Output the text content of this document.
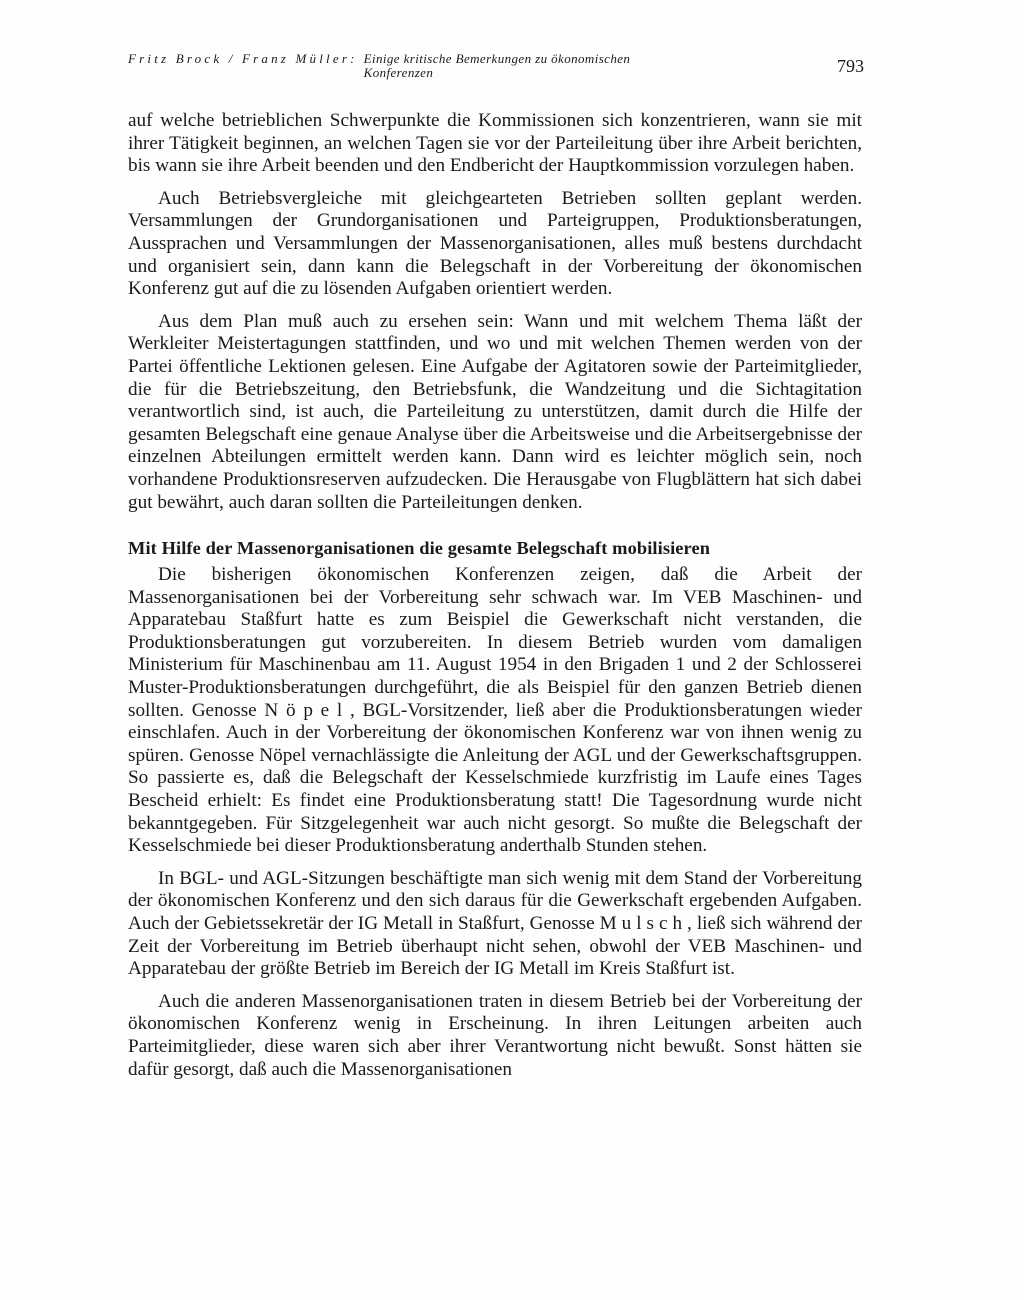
Fritz Brock / Franz Müller: Einige kritische Bemerkungen zu ökonomischen Konferenzen	793

auf welche betrieblichen Schwerpunkte die Kommissionen sich konzentrieren, wann sie mit ihrer Tätigkeit beginnen, an welchen Tagen sie vor der Parteileitung über ihre Arbeit berichten, bis wann sie ihre Arbeit beenden und den Endbericht der Hauptkommission vorzulegen haben.

Auch Betriebsvergleiche mit gleichgearteten Betrieben sollten geplant werden. Versammlungen der Grundorganisationen und Parteigruppen, Produktionsberatungen, Aussprachen und Versammlungen der Massenorganisationen, alles muß bestens durchdacht und organisiert sein, dann kann die Belegschaft in der Vorbereitung der ökonomischen Konferenz gut auf die zu lösenden Aufgaben orientiert werden.

Aus dem Plan muß auch zu ersehen sein: Wann und mit welchem Thema läßt der Werkleiter Meistertagungen stattfinden, und wo und mit welchen Themen werden von der Partei öffentliche Lektionen gelesen. Eine Aufgabe der Agitatoren sowie der Parteimitglieder, die für die Betriebszeitung, den Betriebsfunk, die Wandzeitung und die Sichtagitation verantwortlich sind, ist auch, die Parteileitung zu unterstützen, damit durch die Hilfe der gesamten Belegschaft eine genaue Analyse über die Arbeitsweise und die Arbeitsergebnisse der einzelnen Abteilungen ermittelt werden kann. Dann wird es leichter möglich sein, noch vorhandene Produktionsreserven aufzudecken. Die Herausgabe von Flugblättern hat sich dabei gut bewährt, auch daran sollten die Parteileitungen denken.

Mit Hilfe der Massenorganisationen die gesamte Belegschaft mobilisieren

Die bisherigen ökonomischen Konferenzen zeigen, daß die Arbeit der Massenorganisationen bei der Vorbereitung sehr schwach war. Im VEB Maschinen- und Apparatebau Staßfurt hatte es zum Beispiel die Gewerkschaft nicht verstanden, die Produktionsberatungen gut vorzubereiten. In diesem Betrieb wurden vom damaligen Ministerium für Maschinenbau am 11. August 1954 in den Brigaden 1 und 2 der Schlosserei Muster-Produktionsberatungen durchgeführt, die als Beispiel für den ganzen Betrieb dienen sollten. Genosse N ö p e l , BGL-Vorsitzender, ließ aber die Produktionsberatungen wieder einschlafen. Auch in der Vorbereitung der ökonomischen Konferenz war von ihnen wenig zu spüren. Genosse Nöpel vernachlässigte die Anleitung der AGL und der Gewerkschaftsgruppen. So passierte es, daß die Belegschaft der Kesselschmiede kurzfristig im Laufe eines Tages Bescheid erhielt: Es findet eine Produktionsberatung statt! Die Tagesordnung wurde nicht bekanntgegeben. Für Sitzgelegenheit war auch nicht gesorgt. So mußte die Belegschaft der Kesselschmiede bei dieser Produktionsberatung anderthalb Stunden stehen.

In BGL- und AGL-Sitzungen beschäftigte man sich wenig mit dem Stand der Vorbereitung der ökonomischen Konferenz und den sich daraus für die Gewerkschaft ergebenden Aufgaben. Auch der Gebietssekretär der IG Metall in Staßfurt, Genosse M u l s c h , ließ sich während der Zeit der Vorbereitung im Betrieb überhaupt nicht sehen, obwohl der VEB Maschinen- und Apparatebau der größte Betrieb im Bereich der IG Metall im Kreis Staßfurt ist.

Auch die anderen Massenorganisationen traten in diesem Betrieb bei der Vorbereitung der ökonomischen Konferenz wenig in Erscheinung. In ihren Leitungen arbeiten auch Parteimitglieder, diese waren sich aber ihrer Verantwortung nicht bewußt. Sonst hätten sie dafür gesorgt, daß auch die Massenorganisationen
